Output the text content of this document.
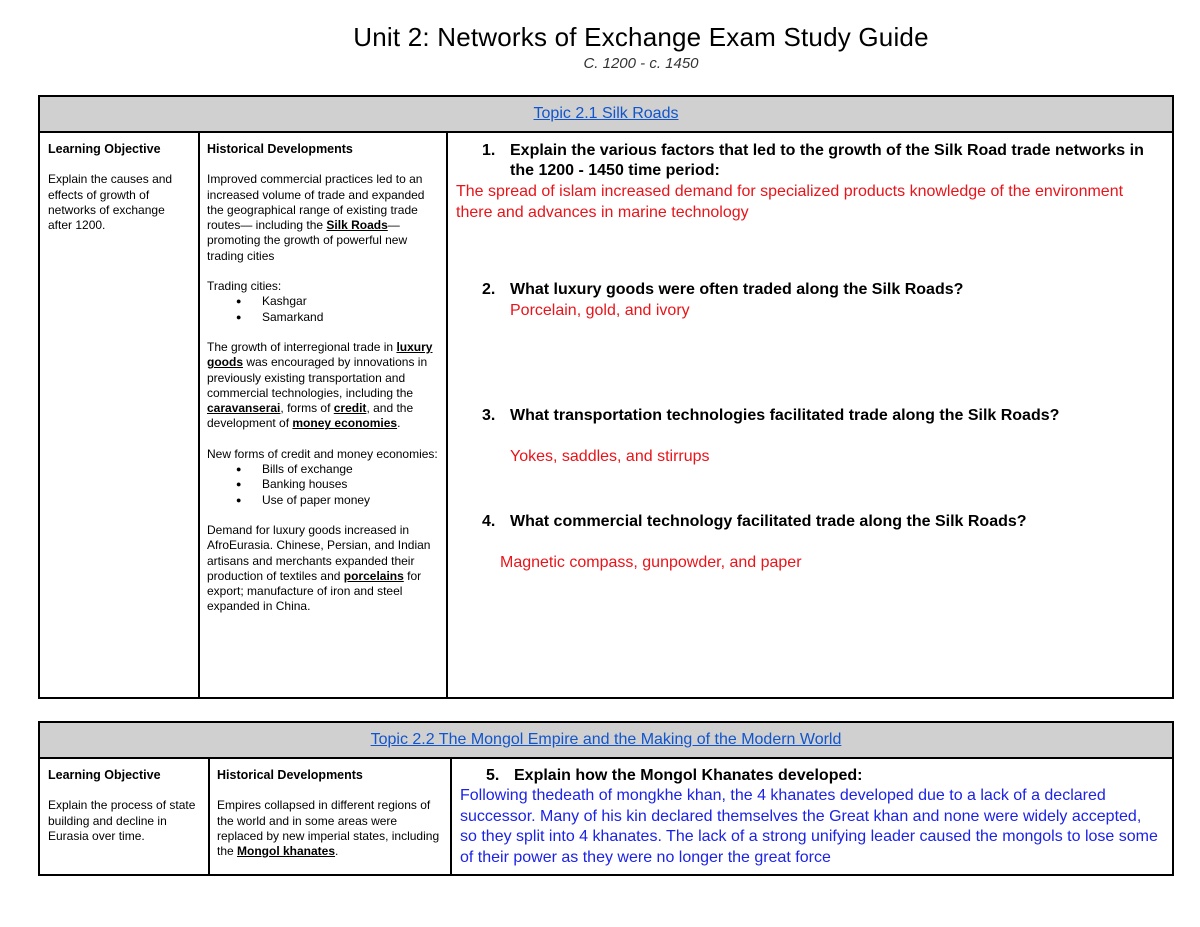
Unit 2: Networks of Exchange Exam Study Guide
C. 1200 - c. 1450
Topic 2.1 Silk Roads

Learning Objective
Explain the causes and effects of growth of networks of exchange after 1200.

Historical Developments
Improved commercial practices led to an increased volume of trade and expanded the geographical range of existing trade routes— including the Silk Roads—promoting the growth of powerful new trading cities
Trading cities:
● Kashgar
● Samarkand
The growth of interregional trade in luxury goods was encouraged by innovations in previously existing transportation and commercial technologies, including the caravanserai, forms of credit, and the development of money economies.
New forms of credit and money economies:
● Bills of exchange
● Banking houses
● Use of paper money
Demand for luxury goods increased in AfroEurasia. Chinese, Persian, and Indian artisans and merchants expanded their production of textiles and porcelains for export; manufacture of iron and steel expanded in China.

1. Explain the various factors that led to the growth of the Silk Road trade networks in the 1200 - 1450 time period:
The spread of islam increased demand for specialized products knowledge of the environment there and advances in marine technology
2. What luxury goods were often traded along the Silk Roads?
Porcelain, gold, and ivory
3. What transportation technologies facilitated trade along the Silk Roads?
Yokes, saddles, and stirrups
4. What commercial technology facilitated trade along the Silk Roads?
Magnetic compass, gunpowder, and paper
Topic 2.2 The Mongol Empire and the Making of the Modern World

Learning Objective
Explain the process of state building and decline in Eurasia over time.

Historical Developments
Empires collapsed in different regions of the world and in some areas were replaced by new imperial states, including the Mongol khanates.

5. Explain how the Mongol Khanates developed:
Following thedeath of mongkhe khan, the 4 khanates developed due to a lack of a declared successor. Many of his kin declared themselves the Great khan and none were widely accepted, so they split into 4 khanates. The lack of a strong unifying leader caused the mongols to lose some of their power as they were no longer the great force
